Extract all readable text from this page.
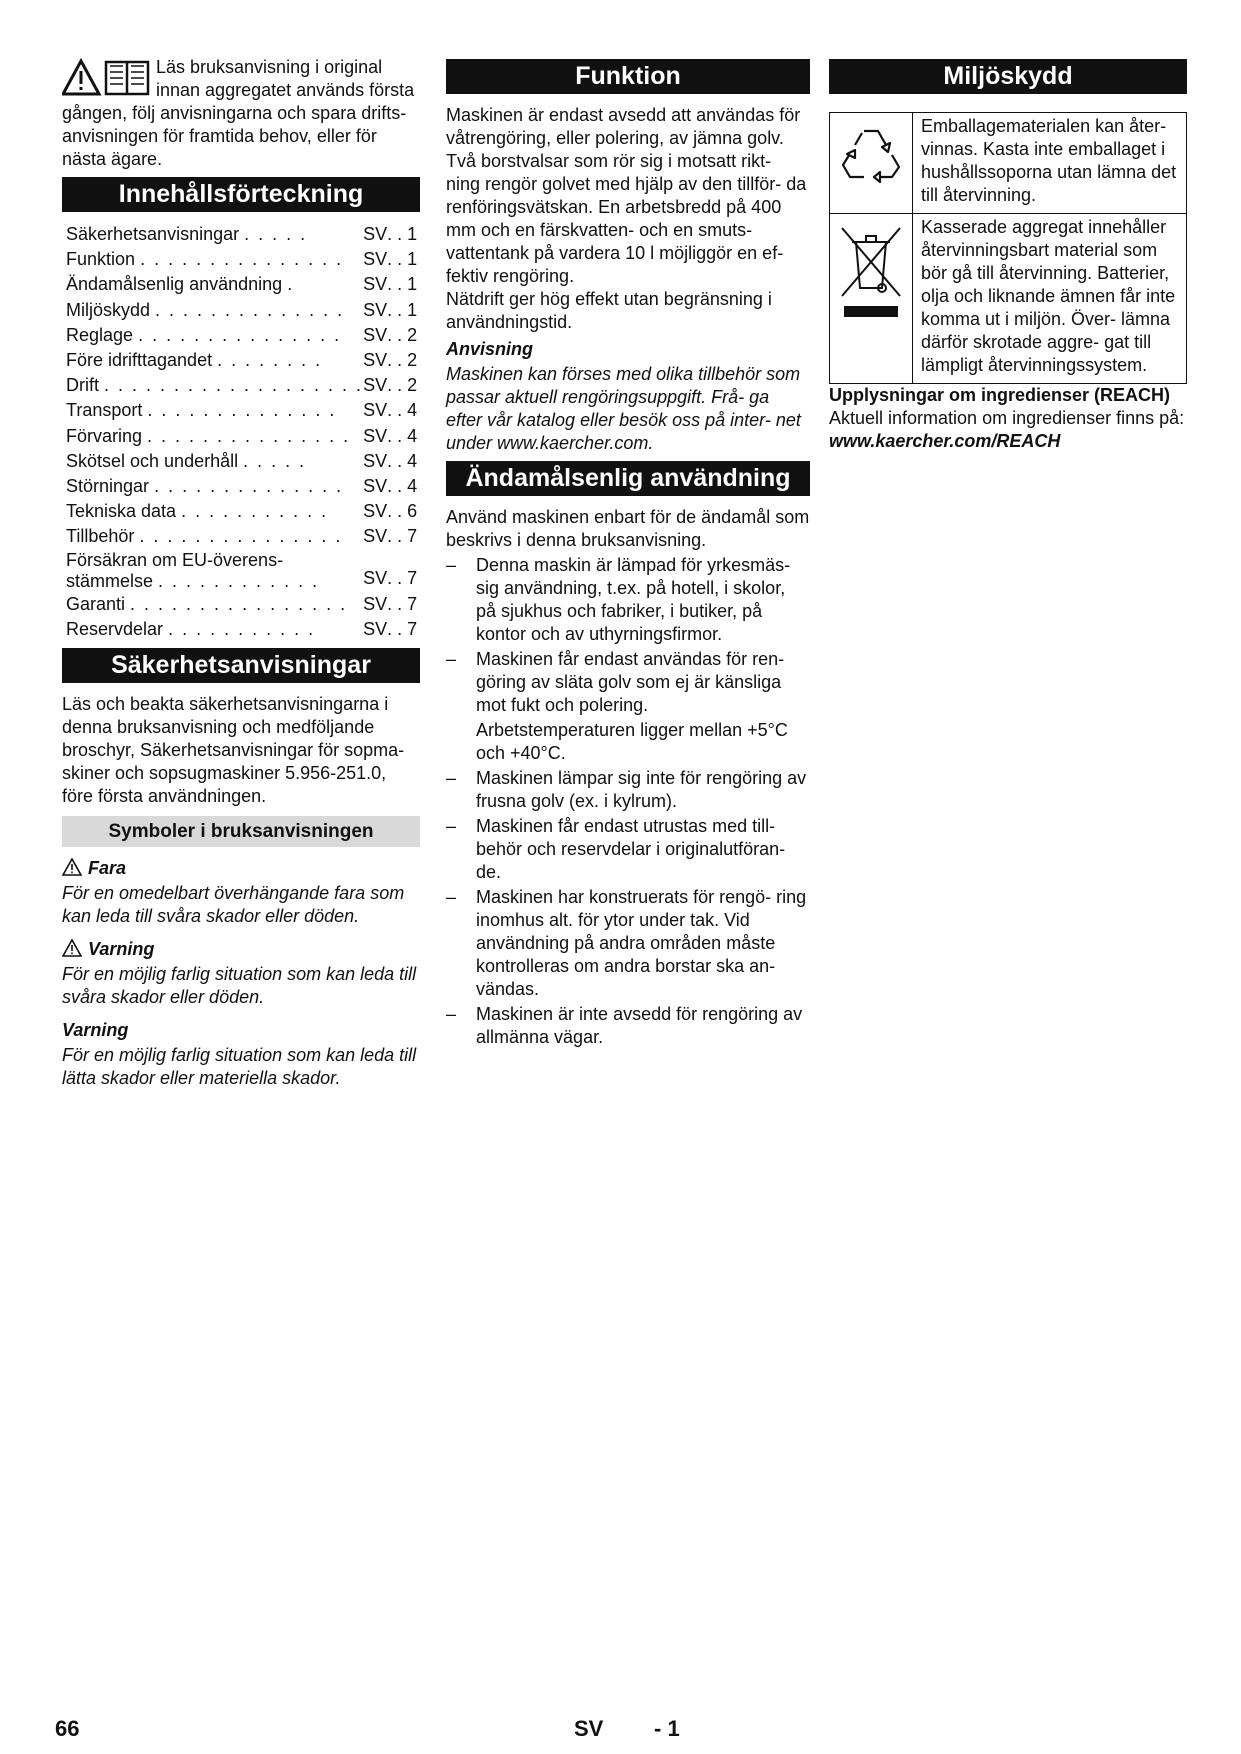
Läs bruksanvisning i original innan aggregatet används första gången, följ anvisningarna och spara drifts- anvisningen för framtida behov, eller för nästa ägare.

Innehållsförteckning
Säkerhetsanvisningar . . . . .	SV	. . 1
Funktion . . . . . . . . . . . . . . .	SV	. . 1
Ändamålsenlig användning .	SV	. . 1
Miljöskydd . . . . . . . . . . . . . .	SV	. . 1
Reglage . . . . . . . . . . . . . . .	SV	. . 2
Före idrifttagandet . . . . . . . .	SV	. . 2
Drift . . . . . . . . . . . . . . . . . . .	SV	. . 2
Transport . . . . . . . . . . . . . .	SV	. . 4
Förvaring . . . . . . . . . . . . . . .	SV	. . 4
Skötsel och underhåll . . . . .	SV	. . 4
Störningar . . . . . . . . . . . . . .	SV	. . 4
Tekniska data . . . . . . . . . . .	SV	. . 6
Tillbehör . . . . . . . . . . . . . . .	SV	. . 7
Försäkran om EU-överens- stämmelse . . . . . . . . . . . .	SV	. . 7
Garanti . . . . . . . . . . . . . . . .	SV	. . 7
Reservdelar . . . . . . . . . . .	SV	. . 7
Säkerhetsanvisningar

Läs och beakta säkerhetsanvisningarna i denna bruksanvisning och medföljande broschyr, Säkerhetsanvisningar för sopma- skiner och sopsugmaskiner 5.956-251.0, före första användningen.

Symboler i bruksanvisningen

Fara

För en omedelbart överhängande fara som kan leda till svåra skador eller döden.

Varning

För en möjlig farlig situation som kan leda till svåra skador eller döden.

Varning

För en möjlig farlig situation som kan leda till lätta skador eller materiella skador.

Funktion

Maskinen är endast avsedd att användas för våtrengöring, eller polering, av jämna golv.

Två borstvalsar som rör sig i motsatt rikt- ning rengör golvet med hjälp av den tillför- da renföringsvätskan. En arbetsbredd på 400 mm och en färskvatten- och en smuts- vattentank på vardera 10 l möjliggör en ef- fektiv rengöring.

Nätdrift ger hög effekt utan begränsning i användningstid.

Anvisning

Maskinen kan förses med olika tillbehör som passar aktuell rengöringsuppgift. Frå- ga efter vår katalog eller besök oss på inter- net under www.kaercher.com.

Ändamålsenlig användning

Använd maskinen enbart för de ändamål som beskrivs i denna bruksanvisning.

– Denna maskin är lämpad för yrkesmäs- sig användning, t.ex. på hotell, i skolor, på sjukhus och fabriker, i butiker, på kontor och av uthyrningsfirmor.
– Maskinen får endast användas för ren- göring av släta golv som ej är känsliga mot fukt och polering.

Arbetstemperaturen ligger mellan +5°C och +40°C.

– Maskinen lämpar sig inte för rengöring av frusna golv (ex. i kylrum).
– Maskinen får endast utrustas med till- behör och reservdelar i originalutföran- de.
– Maskinen har konstruerats för rengö- ring inomhus alt. för ytor under tak. Vid användning på andra områden måste kontrolleras om andra borstar ska an- vändas.
– Maskinen är inte avsedd för rengöring av allmänna vägar.
Miljöskydd
	Emballagematerialen kan åter- vinnas. Kasta inte emballaget i hushållssoporna utan lämna det till återvinning.
	Kasserade aggregat innehåller återvinningsbart material som bör gå till återvinning. Batterier, olja och liknande ämnen får inte komma ut i miljön. Över- lämna därför skrotade aggre- gat till lämpligt återvinningssystem.

Upplysningar om ingredienser (REACH)

Aktuell information om ingredienser finns på:

www.kaercher.com/REACH

66	SV - 1
